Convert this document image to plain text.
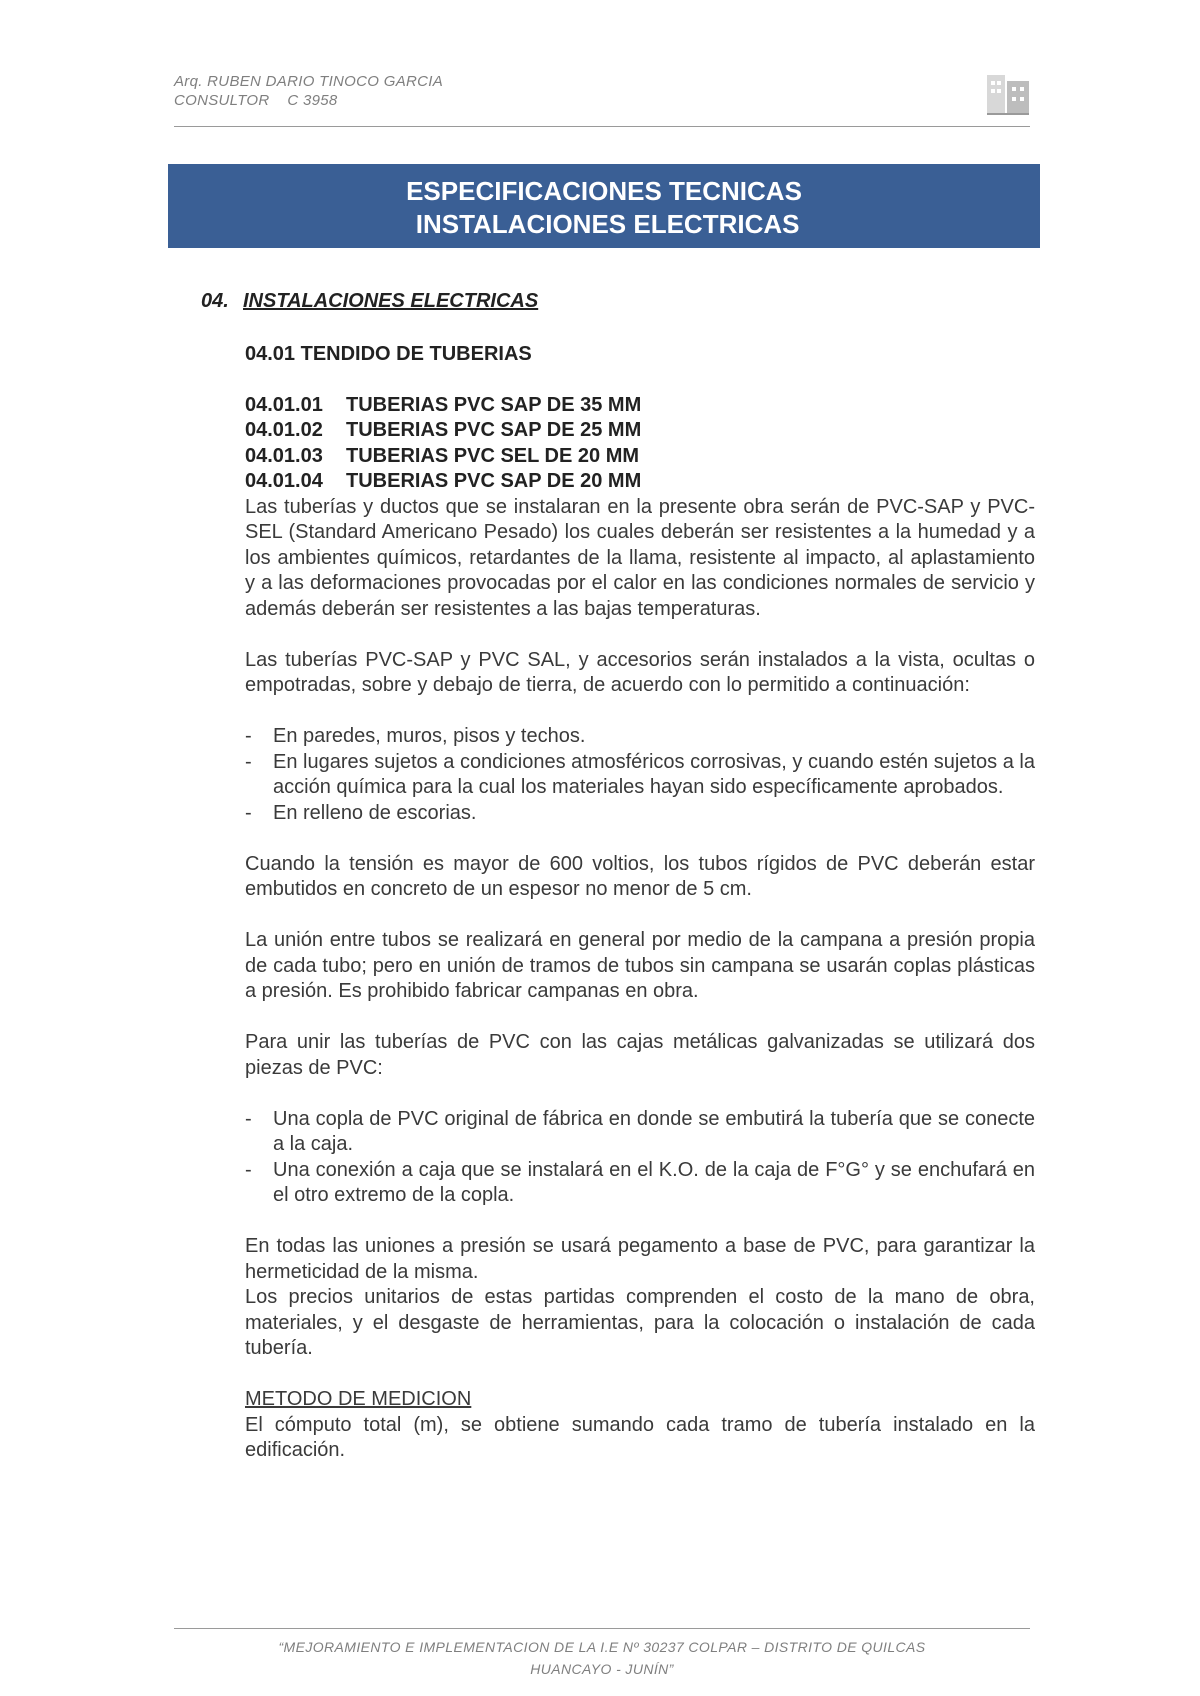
Arq. RUBEN DARIO TINOCO GARCIA
CONSULTOR    C 3958
ESPECIFICACIONES TECNICAS
INSTALACIONES ELECTRICAS
04. INSTALACIONES ELECTRICAS
04.01 TENDIDO DE TUBERIAS
04.01.01 TUBERIAS PVC SAP DE 35 MM
04.01.02 TUBERIAS PVC SAP DE 25 MM
04.01.03 TUBERIAS PVC SEL DE 20 MM
04.01.04 TUBERIAS PVC SAP DE 20 MM

Las tuberías y ductos que se instalaran en la presente obra serán de PVC-SAP y PVC-SEL (Standard Americano Pesado) los cuales deberán ser resistentes a la humedad y a los ambientes químicos, retardantes de la llama, resistente al impacto, al aplastamiento y a las deformaciones provocadas por el calor en las condiciones normales de servicio y además deberán ser resistentes a las bajas temperaturas.

Las tuberías PVC-SAP y PVC SAL, y accesorios serán instalados a la vista, ocultas o empotradas, sobre y debajo de tierra, de acuerdo con lo permitido a continuación:

- En paredes, muros, pisos y techos.
- En lugares sujetos a condiciones atmosféricos corrosivas, y cuando estén sujetos a la acción química para la cual los materiales hayan sido específicamente aprobados.
- En relleno de escorias.

Cuando la tensión es mayor de 600 voltios, los tubos rígidos de PVC deberán estar embutidos en concreto de un espesor no menor de 5 cm.

La unión entre tubos se realizará en general por medio de la campana a presión propia de cada tubo; pero en unión de tramos de tubos sin campana se usarán coplas plásticas a presión. Es prohibido fabricar campanas en obra.

Para unir las tuberías de PVC con las cajas metálicas galvanizadas se utilizará dos piezas de PVC:

- Una copla de PVC original de fábrica en donde se embutirá la tubería que se conecte a la caja.
- Una conexión a caja que se instalará en el K.O. de la caja de F°G° y se enchufará en el otro extremo de la copla.

En todas las uniones a presión se usará pegamento a base de PVC, para garantizar la hermeticidad de la misma.

Los precios unitarios de estas partidas comprenden el costo de la mano de obra, materiales, y el desgaste de herramientas, para la colocación o instalación de cada tubería.

METODO DE MEDICION

El cómputo total (m), se obtiene sumando cada tramo de tubería instalado en la edificación.

“MEJORAMIENTO E IMPLEMENTACION DE LA I.E Nº 30237 COLPAR – DISTRITO DE QUILCAS
HUANCAYO - JUNÍN”
